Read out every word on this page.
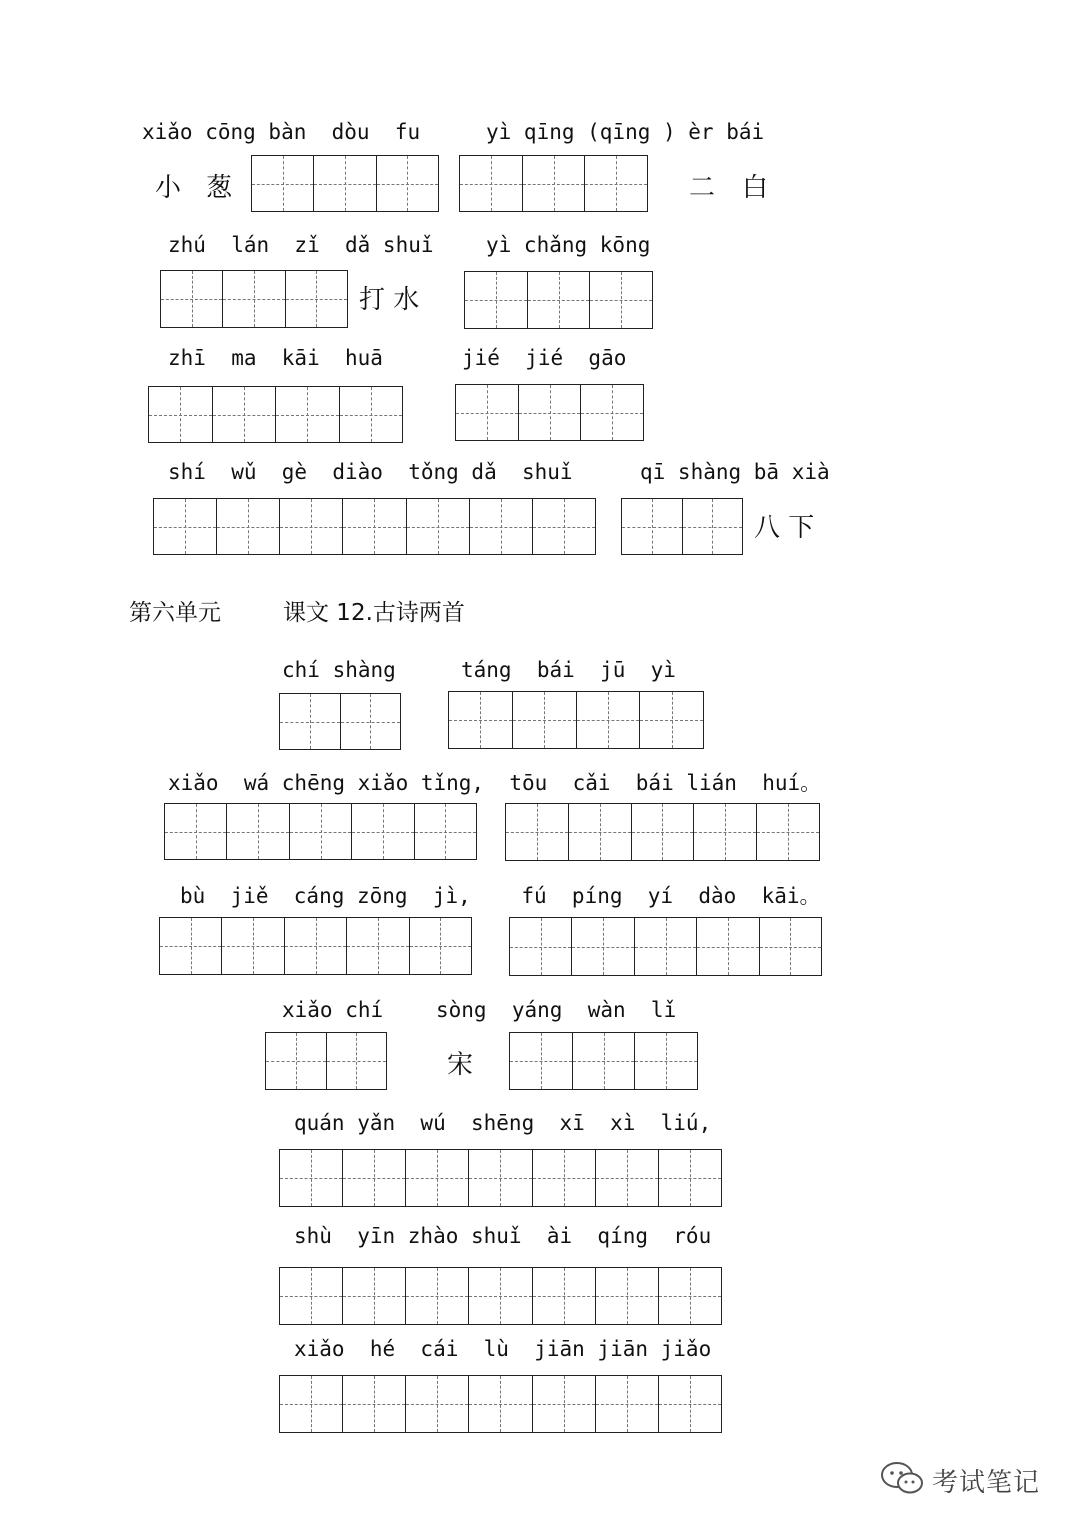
xiǎo cōng bàn  dòu  fu	yì qīng (qīng ) èr bái
小 葱	二 白
zhú  lán  zǐ  dǎ shuǐ yì chǎng kōng
打 水
zhī  ma  kāi  huā	jié  jié  gāo
shí  wǔ  gè  diào  tǒng dǎ  shuǐ	qī shàng bā xià
八 下
第六单元	课文 12.古诗两首
chí shàng	táng  bái  jū  yì
xiǎo  wá chēng xiǎo tǐng,  tōu  cǎi  bái lián  huí。
bù  jiě  cáng zōng  jì,    fú  píng  yí  dào  kāi。
xiǎo chí	sòng  yáng  wàn  lǐ
宋
quán yǎn  wú  shēng  xī  xì  liú,
shù  yīn zhào shuǐ  ài  qíng  róu
xiǎo  hé  cái  lù  jiān jiān jiǎo
考试笔记
